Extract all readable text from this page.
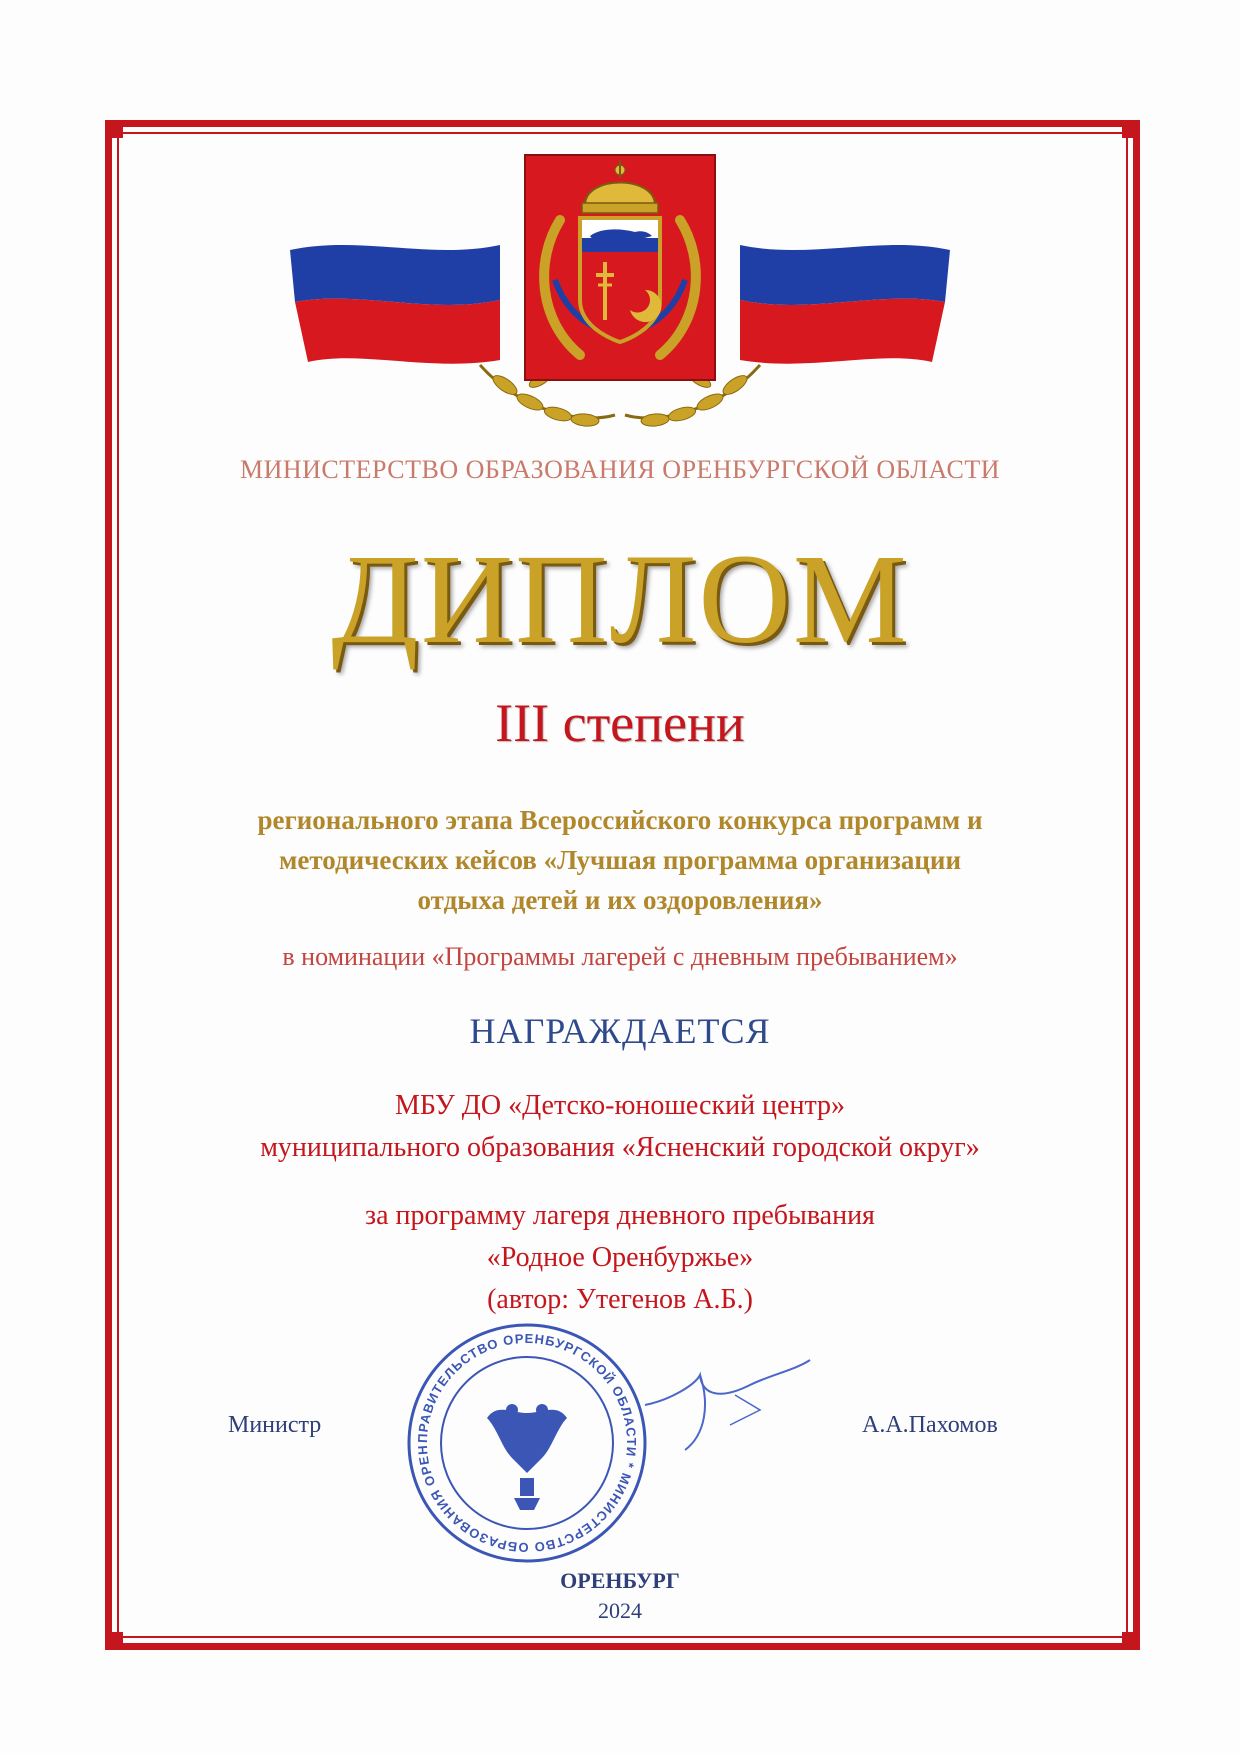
МИНИСТЕРСТВО ОБРАЗОВАНИЯ ОРЕНБУРГСКОЙ ОБЛАСТИ
ДИПЛОМ
III степени
регионального этапа Всероссийского конкурса программ и
методических кейсов «Лучшая программа организации
отдыха детей и их оздоровления»
в номинации «Программы лагерей с дневным пребыванием»
НАГРАЖДАЕТСЯ
МБУ ДО «Детско-юношеский центр»
муниципального образования «Ясненский городской округ»
за программу лагеря дневного пребывания
«Родное Оренбуржье»
(автор: Утегенов А.Б.)
Министр	А.А.Пахомов
ПРАВИТЕЛЬСТВО ОРЕНБУРГСКОЙ ОБЛАСТИ * МИНИСТЕРСТВО ОБРАЗОВАНИЯ ОРЕН
ОРЕНБУРГ
2024
